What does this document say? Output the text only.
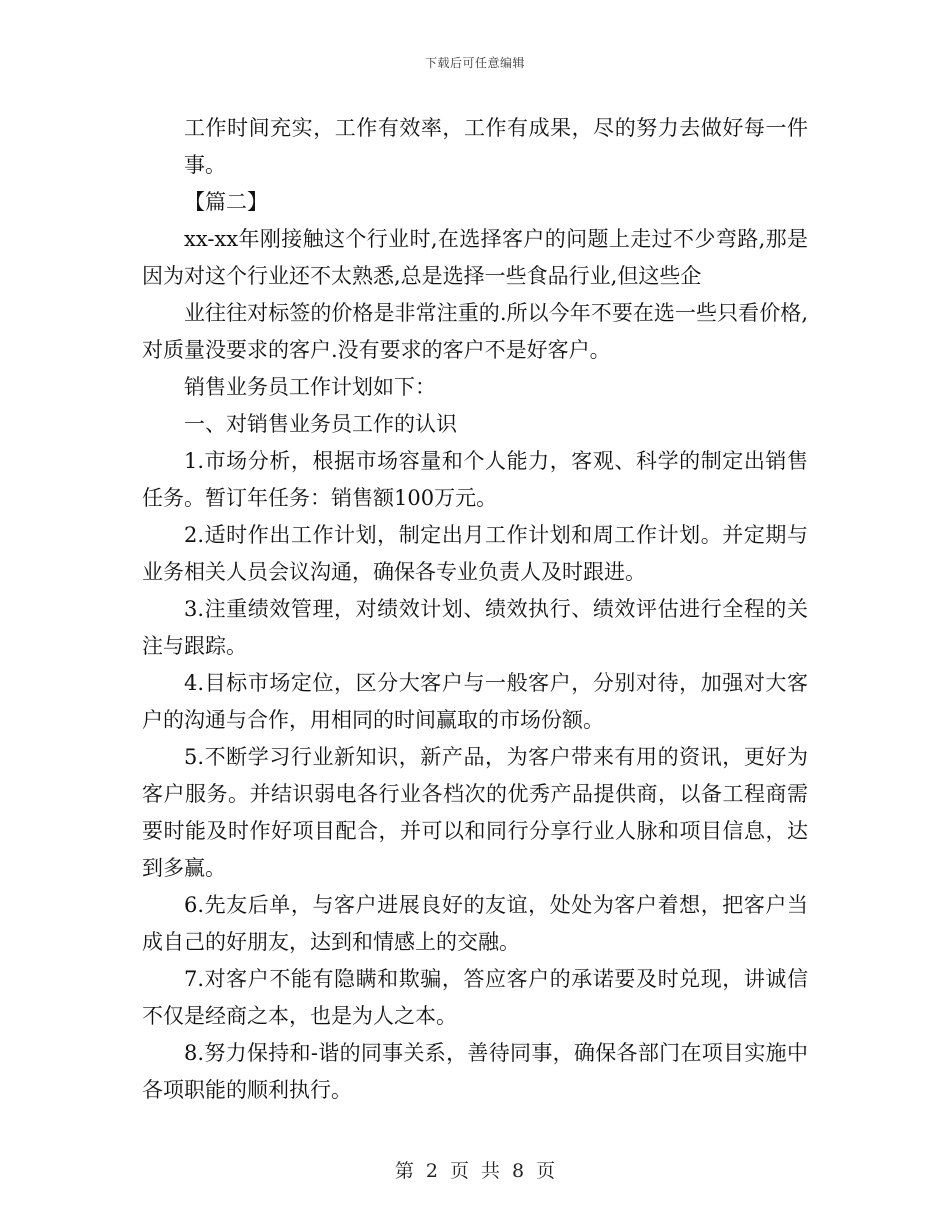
下载后可任意编辑

工作时间充实，工作有效率，工作有成果，尽的努力去做好每一件事。

【篇二】

xx-xx年刚接触这个行业时,在选择客户的问题上走过不少弯路,那是因为对这个行业还不太熟悉,总是选择一些食品行业,但这些企

业往往对标签的价格是非常注重的.所以今年不要在选一些只看价格,对质量没要求的客户.没有要求的客户不是好客户。

销售业务员工作计划如下：

一、对销售业务员工作的认识

1.市场分析，根据市场容量和个人能力，客观、科学的制定出销售任务。暂订年任务：销售额100万元。

2.适时作出工作计划，制定出月工作计划和周工作计划。并定期与业务相关人员会议沟通，确保各专业负责人及时跟进。

3.注重绩效管理，对绩效计划、绩效执行、绩效评估进行全程的关注与跟踪。

4.目标市场定位，区分大客户与一般客户，分别对待，加强对大客户的沟通与合作，用相同的时间赢取的市场份额。

5.不断学习行业新知识，新产品，为客户带来有用的资讯，更好为客户服务。并结识弱电各行业各档次的优秀产品提供商，以备工程商需要时能及时作好项目配合，并可以和同行分享行业人脉和项目信息，达到多赢。

6.先友后单，与客户进展良好的友谊，处处为客户着想，把客户当成自己的好朋友，达到和情感上的交融。

7.对客户不能有隐瞒和欺骗，答应客户的承诺要及时兑现，讲诚信不仅是经商之本，也是为人之本。

8.努力保持和-谐的同事关系，善待同事，确保各部门在项目实施中各项职能的顺利执行。

第 2 页 共 8 页
